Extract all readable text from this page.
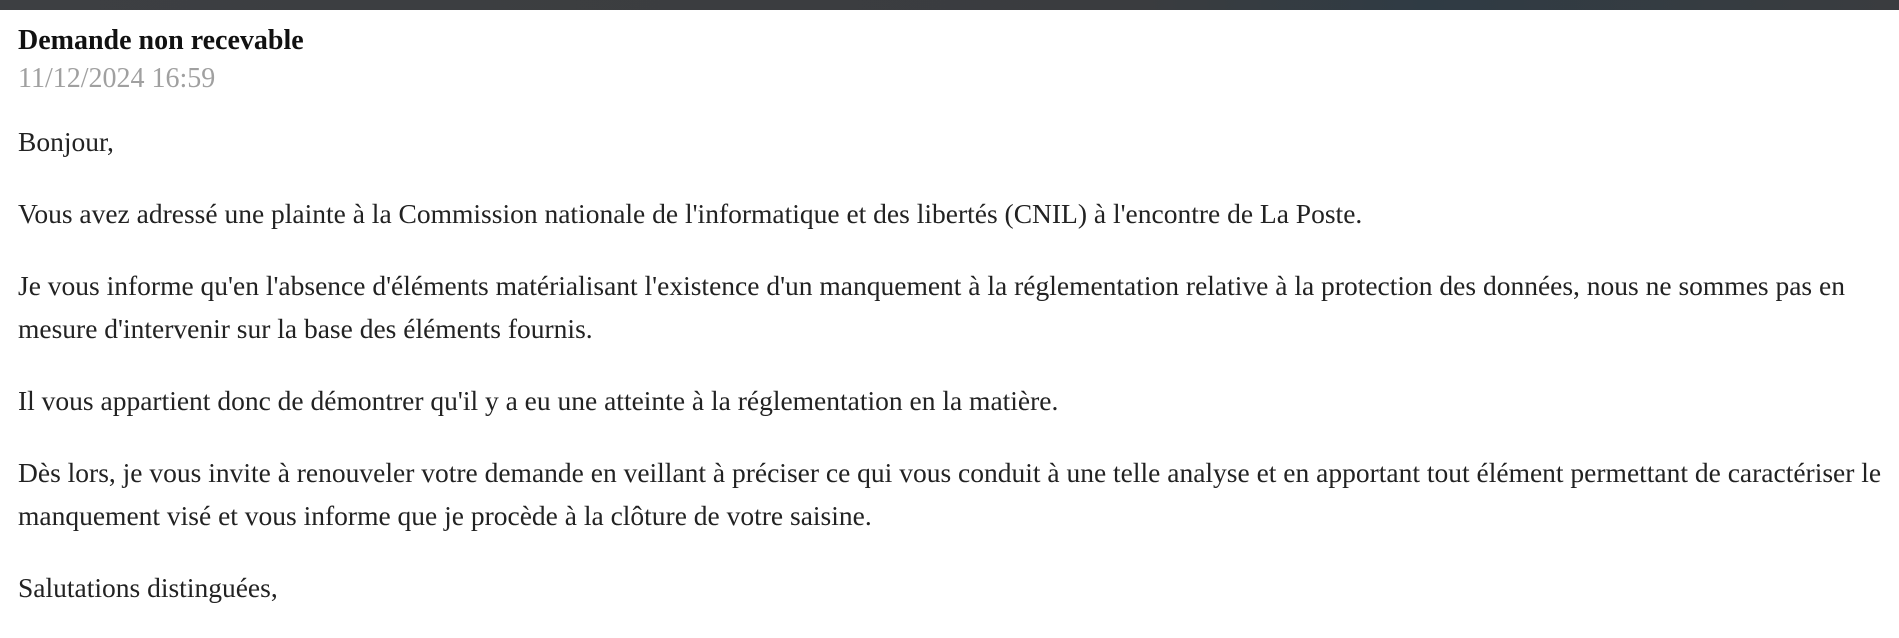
Demande non recevable
11/12/2024 16:59

Bonjour,

Vous avez adressé une plainte à la Commission nationale de l'informatique et des libertés (CNIL) à l'encontre de La Poste.

Je vous informe qu'en l'absence d'éléments matérialisant l'existence d'un manquement à la réglementation relative à la protection des données, nous ne sommes pas en mesure d'intervenir sur la base des éléments fournis.

Il vous appartient donc de démontrer qu'il y a eu une atteinte à la réglementation en la matière.

Dès lors, je vous invite à renouveler votre demande en veillant à préciser ce qui vous conduit à une telle analyse et en apportant tout élément permettant de caractériser le manquement visé et vous informe que je procède à la clôture de votre saisine.

Salutations distinguées,
